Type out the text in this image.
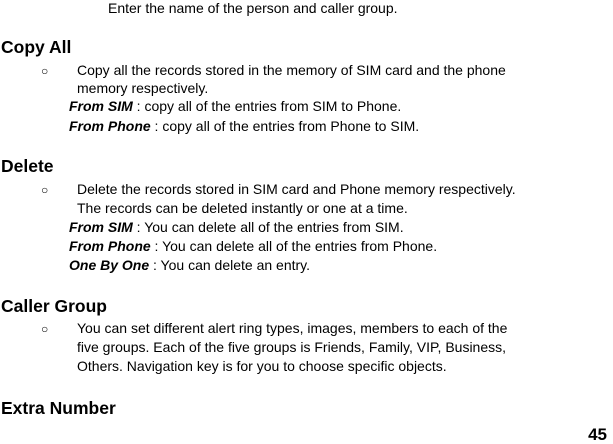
Enter the name of the person and caller group.
Copy All
○ Copy all the records stored in the memory of SIM card and the phone
memory respectively.
From SIM : copy all of the entries from SIM to Phone.
From Phone : copy all of the entries from Phone to SIM.
Delete
○ Delete the records stored in SIM card and Phone memory respectively.
The records can be deleted instantly or one at a time.
From SIM : You can delete all of the entries from SIM.
From Phone : You can delete all of the entries from Phone.
One By One : You can delete an entry.
Caller Group
○ You can set different alert ring types, images, members to each of the
five groups. Each of the five groups is Friends, Family, VIP, Business,
Others. Navigation key is for you to choose specific objects.
Extra Number
45
